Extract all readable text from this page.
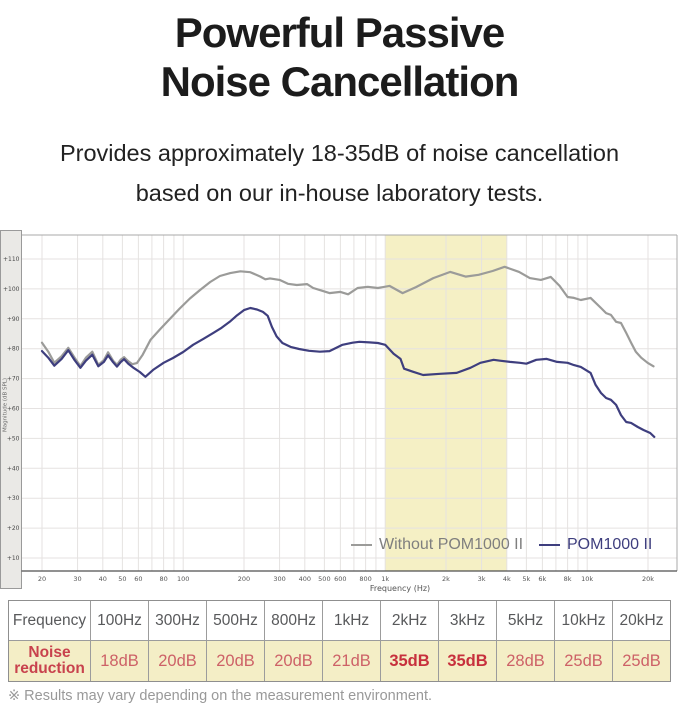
Powerful Passive
Noise Cancellation
Provides approximately 18-35dB of noise cancellation
based on our in-house laboratory tests.
+110
+100
+90
+80
+70
+60
+50
+40
+30
+20
+10
Magnitude (dB SPL)
20	30	40 50 60	80 100	200	300 400 500 600 800 1k	2k	3k	4k 5k 6k	8k 10k	20k
Frequency (Hz)
Without POM1000 II	POM1000 II
Frequency 100Hz 300Hz 500Hz 800Hz	1kHz	2kHz	3kHz	5kHz	10kHz 20kHz
Noise reduction 18dB	20dB	20dB	20dB	21dB	35dB	35dB	28dB	25dB	25dB
※ Results may vary depending on the measurement environment.
